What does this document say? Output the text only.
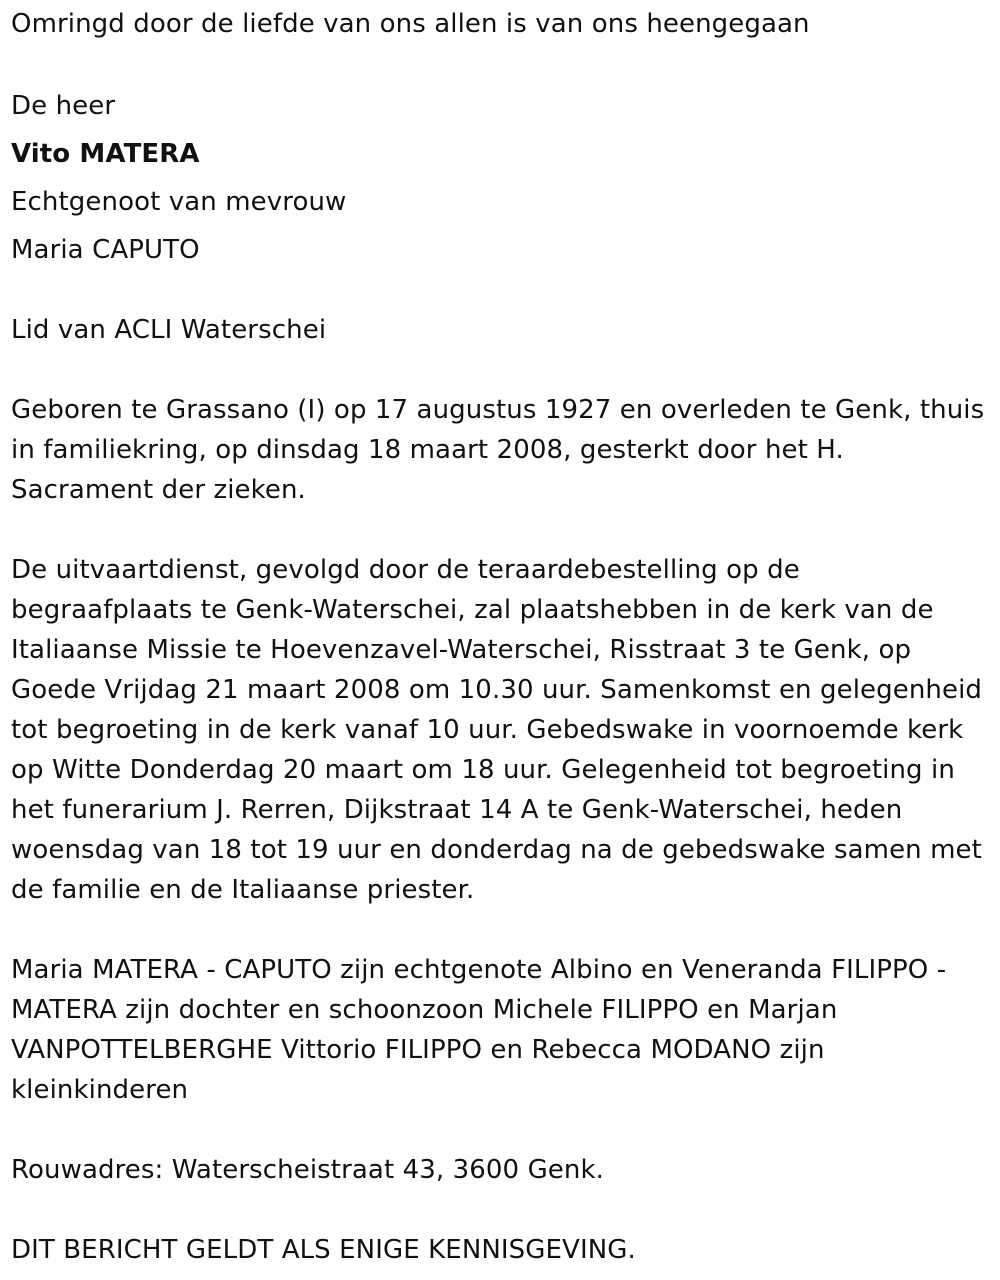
Omringd door de liefde van ons allen is van ons heengegaan
De heer
Vito MATERA
Echtgenoot van mevrouw
Maria CAPUTO
Lid van ACLI Waterschei
Geboren te Grassano (I) op 17 augustus 1927 en overleden te Genk, thuis
in familiekring, op dinsdag 18 maart 2008, gesterkt door het H.
Sacrament der zieken.
De uitvaartdienst, gevolgd door de teraardebestelling op de
begraafplaats te Genk-Waterschei, zal plaatshebben in de kerk van de
Italiaanse Missie te Hoevenzavel-Waterschei, Risstraat 3 te Genk, op
Goede Vrijdag 21 maart 2008 om 10.30 uur. Samenkomst en gelegenheid
tot begroeting in de kerk vanaf 10 uur. Gebedswake in voornoemde kerk
op Witte Donderdag 20 maart om 18 uur. Gelegenheid tot begroeting in
het funerarium J. Rerren, Dijkstraat 14 A te Genk-Waterschei, heden
woensdag van 18 tot 19 uur en donderdag na de gebedswake samen met
de familie en de Italiaanse priester.
Maria MATERA - CAPUTO zijn echtgenote Albino en Veneranda FILIPPO -
MATERA zijn dochter en schoonzoon Michele FILIPPO en Marjan
VANPOTTELBERGHE Vittorio FILIPPO en Rebecca MODANO zijn
kleinkinderen
Rouwadres: Waterscheistraat 43, 3600 Genk.
DIT BERICHT GELDT ALS ENIGE KENNISGEVING.
